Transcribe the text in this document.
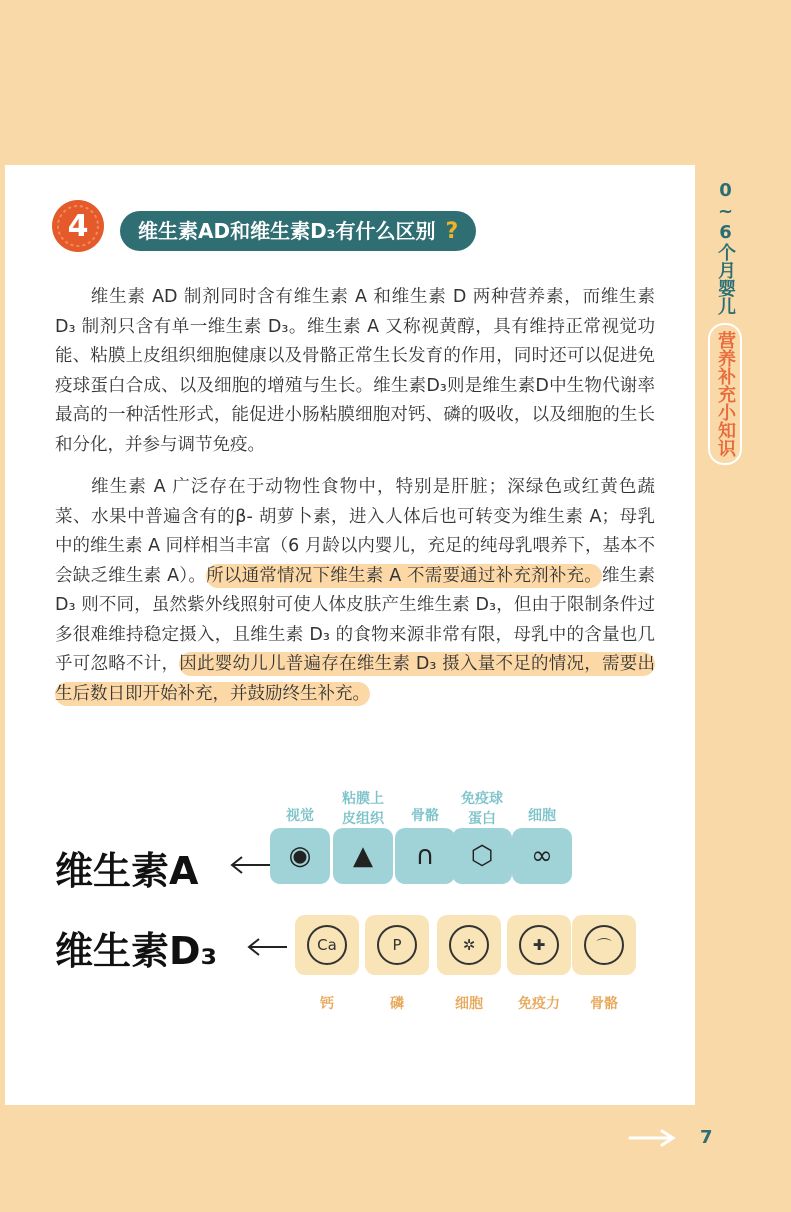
0~6个月婴儿
营养补充小知识
4	维生素AD和维生素D₃有什么区别 ?
维生素 AD 制剂同时含有维生素 A 和维生素 D 两种营养素，而维生素 D₃ 制剂只含有单一维生素 D₃。维生素 A 又称视黄醇，具有维持正常视觉功能、粘膜上皮组织细胞健康以及骨骼正常生长发育的作用，同时还可以促进免疫球蛋白合成、以及细胞的增殖与生长。维生素D₃则是维生素D中生物代谢率最高的一种活性形式，能促进小肠粘膜细胞对钙、磷的吸收，以及细胞的生长和分化，并参与调节免疫。
维生素 A 广泛存在于动物性食物中，特别是肝脏；深绿色或红黄色蔬菜、水果中普遍含有的β- 胡萝卜素，进入人体后也可转变为维生素 A；母乳中的维生素 A 同样相当丰富（6 月龄以内婴儿，充足的纯母乳喂养下，基本不会缺乏维生素 A）。所以通常情况下维生素 A 不需要通过补充剂补充。维生素 D₃ 则不同，虽然紫外线照射可使人体皮肤产生维生素 D₃，但由于限制条件过多很难维持稳定摄入，且维生素 D₃ 的食物来源非常有限，母乳中的含量也几乎可忽略不计，因此婴幼儿儿普遍存在维生素 D₃ 摄入量不足的情况，需要出生后数日即开始补充，并鼓励终生补充。
维生素A
维生素D₃
◉
视觉
▲
粘膜上
皮组织
∩
骨骼
⬡
免疫球
蛋白
∞
细胞
Ca
钙
P
磷
✲
细胞
✚
免疫力
⌒
骨骼
7
